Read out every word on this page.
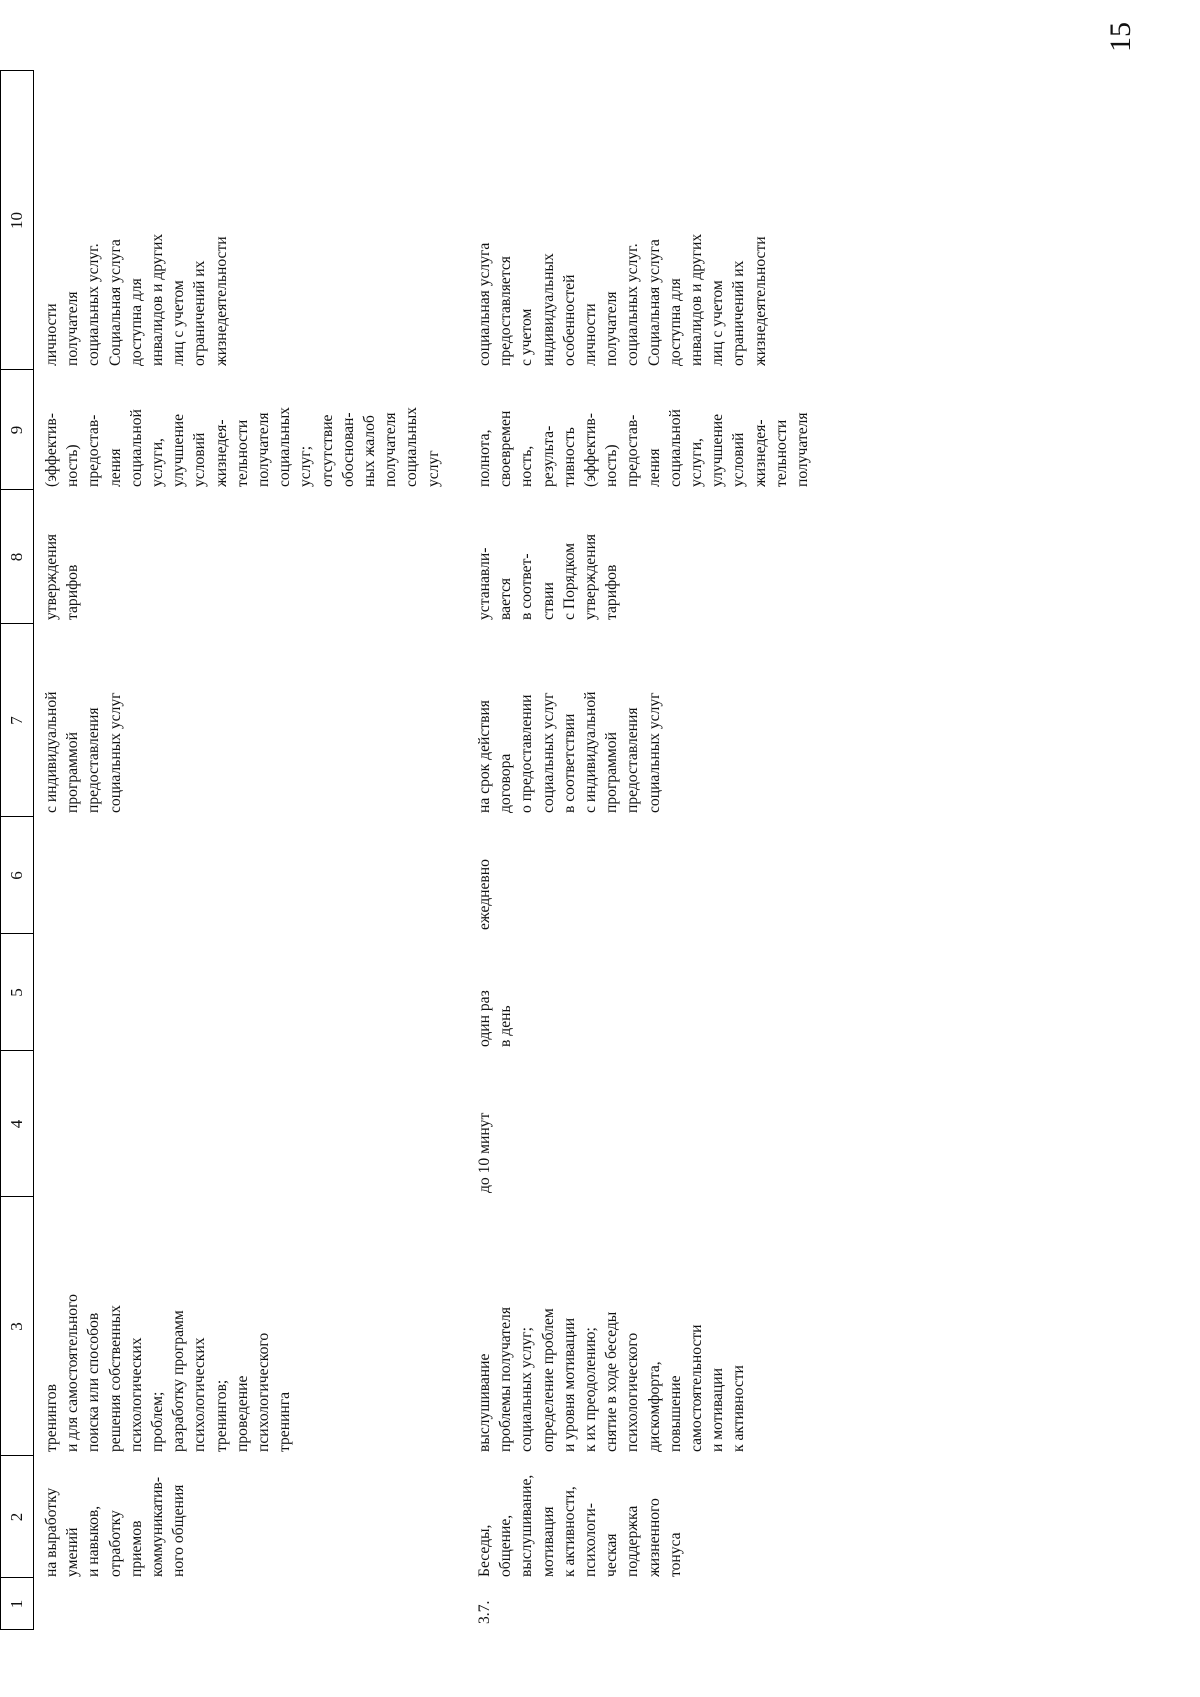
15
1
2
3
4
5
6
7
8
9
10
на выработку умений и навыков, отработку приемов коммуникатив- ного общения
тренингов и для самостоятельного поиска или способов решения собственных психологических проблем; разработку программ психологических тренингов; проведение психологического тренинга
с индивидуальной программой предоставления социальных услуг
утверждения тарифов
(эффектив- ность) предостав- ления социальной услуги, улучшение условий жизнедея- тельности получателя социальных услуг; отсутствие обоснован- ных жалоб получателя социальных услуг
личности получателя социальных услуг. Социальная услуга доступна для инвалидов и других лиц с учетом ограничений их жизнедеятельности
3.7.
Беседы, общение, выслушивание, мотивация к активности, психологи- ческая поддержка жизненного тонуса
выслушивание проблемы получателя социальных услуг; определение проблем и уровня мотивации к их преодолению; снятие в ходе беседы психологического дискомфорта, повышение самостоятельности и мотивации к активности
до 10 минут
один раз в день
ежедневно
на срок действия договора о предоставлении социальных услуг в соответствии с индивидуальной программой предоставления социальных услуг
устанавли- вается в соответ- ствии с Порядком утверждения тарифов
полнота, своевремен ность, результа- тивность (эффектив- ность) предостав- ления социальной услуги, улучшение условий жизнедея- тельности получателя
социальная услуга предоставляется с учетом индивидуальных особенностей личности получателя социальных услуг. Социальная услуга доступна для инвалидов и других лиц с учетом ограничений их жизнедеятельности
